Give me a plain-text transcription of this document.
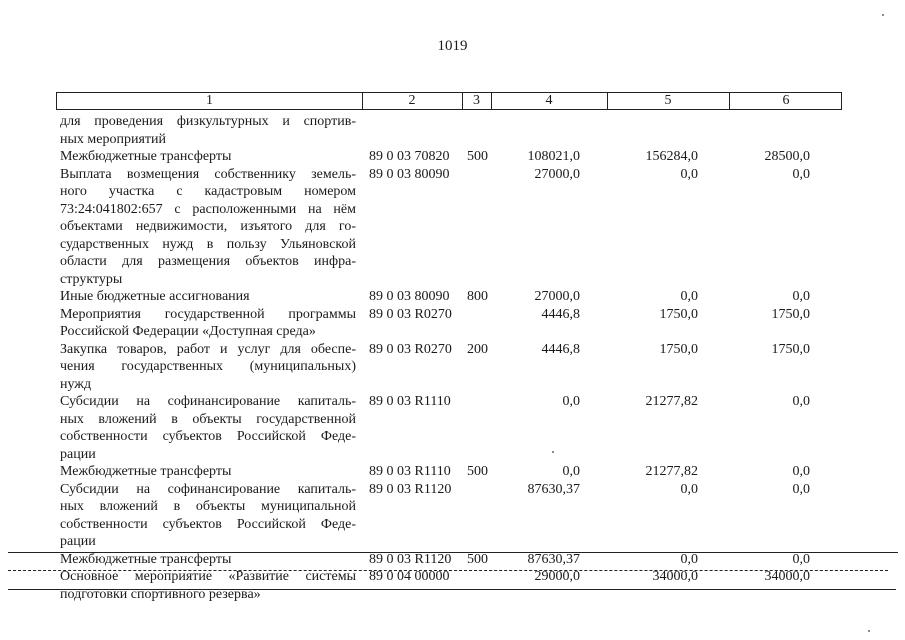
1019
1	2	3	4	5	6
для проведения физкультурных и спортив-
ных мероприятий
Межбюджетные трансферты	89 0 03 70820 500	108021,0	156284,0	28500,0
Выплата возмещения собственнику земель-
ного участка с кадастровым номером
73:24:041802:657 с расположенными на нём
объектами недвижимости, изъятого для го-
сударственных нужд в пользу Ульяновской
области для размещения объектов инфра-
структуры
89 0 03 80090	27000,0	0,0	0,0
Иные бюджетные ассигнования	89 0 03 80090 800	27000,0	0,0	0,0
Мероприятия государственной программы
Российской Федерации «Доступная среда»
89 0 03 R0270	4446,8	1750,0	1750,0
Закупка товаров, работ и услуг для обеспе-
чения государственных (муниципальных)
нужд
89 0 03 R0270 200	4446,8	1750,0	1750,0
Субсидии на софинансирование капиталь-
ных вложений в объекты государственной
собственности субъектов Российской Феде-
рации
89 0 03 R1110	0,0	21277,82	0,0
Межбюджетные трансферты	89 0 03 R1110 500	0,0	21277,82	0,0
Субсидии на софинансирование капиталь-
ных вложений в объекты муниципальной
собственности субъектов Российской Феде-
рации
89 0 03 R1120	87630,37	0,0	0,0
Межбюджетные трансферты	89 0 03 R1120 500	87630,37	0,0	0,0
Основное мероприятие «Развитие системы
подготовки спортивного резерва»
89 0 04 00000	29000,0	34000,0	34000,0
